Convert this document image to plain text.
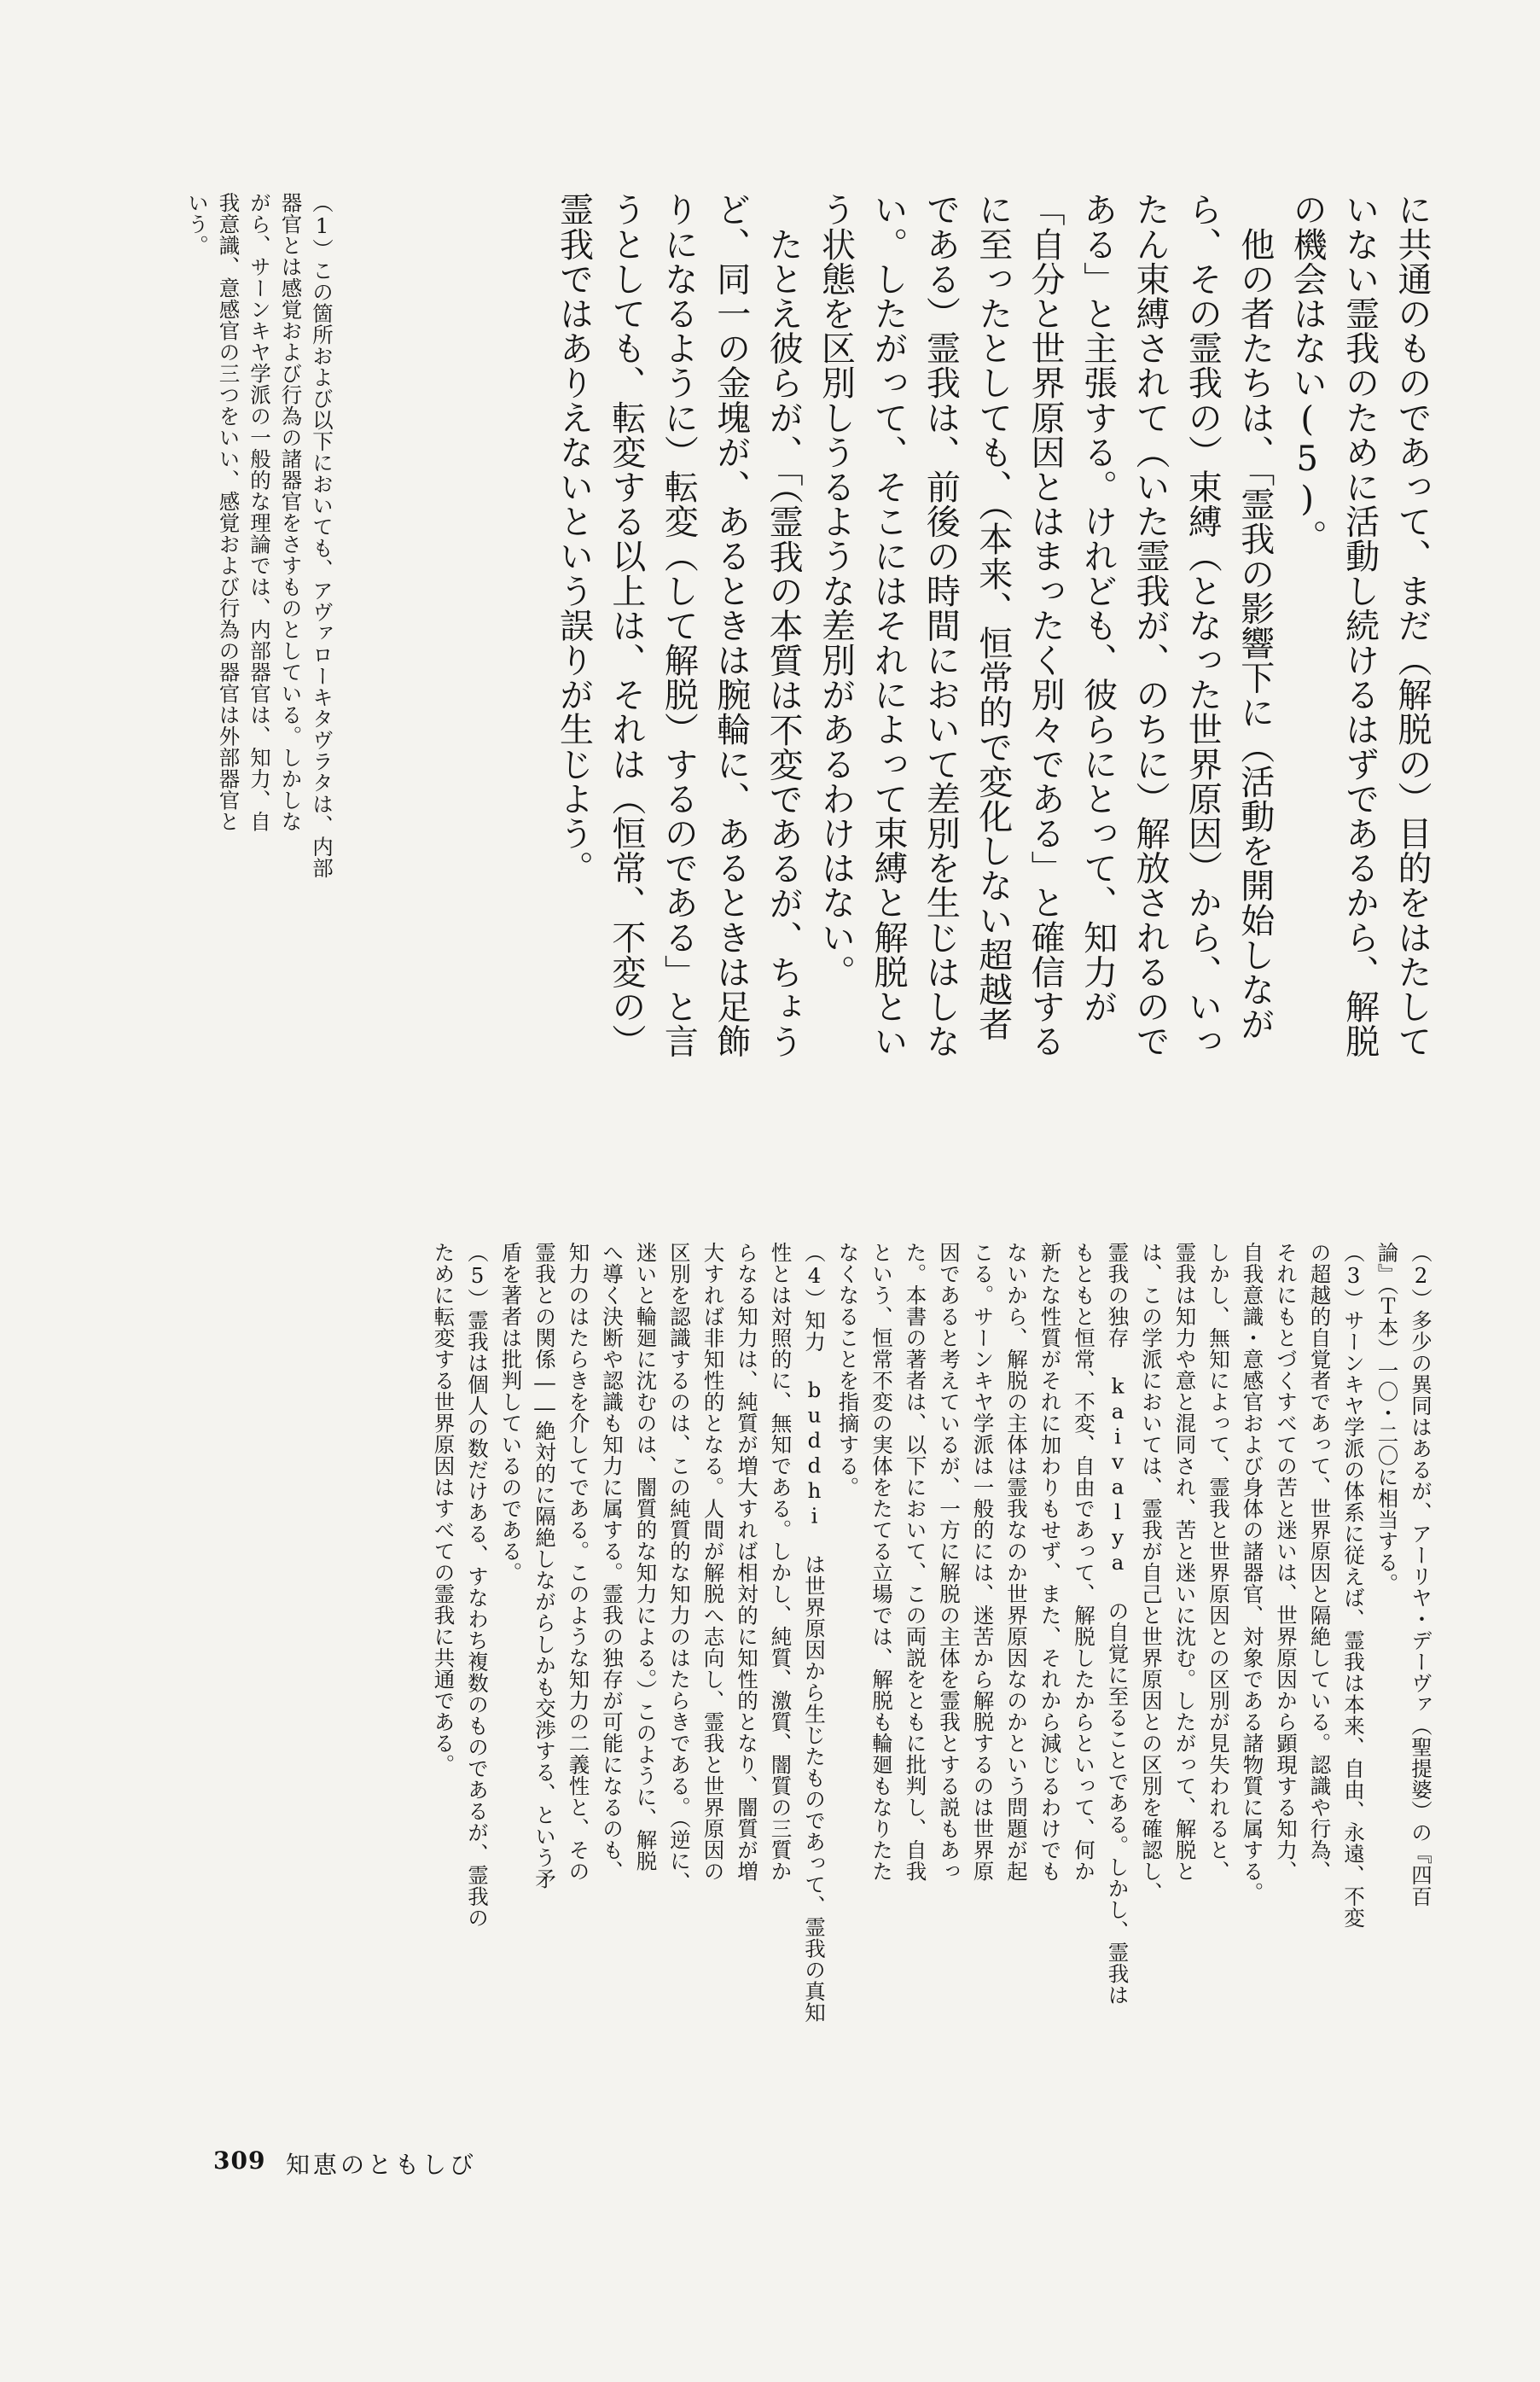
に共通のものであって、まだ（解脱の）目的をはたして

いない霊我のために活動し続けるはずであるから、解脱

の機会はない(5)。

　他の者たちは、「霊我の影響下に（活動を開始しなが

ら、その霊我の）束縛（となった世界原因）から、いっ

たん束縛されて（いた霊我が、のちに）解放されるので

ある」と主張する。けれども、彼らにとって、知力が

「自分と世界原因とはまったく別々である」と確信する

に至ったとしても、（本来、恒常的で変化しない超越者

である）霊我は、前後の時間において差別を生じはしな

い。したがって、そこにはそれによって束縛と解脱とい

う状態を区別しうるような差別があるわけはない。

　たとえ彼らが、「（霊我の本質は不変であるが、ちょう

ど、同一の金塊が、あるときは腕輪に、あるときは足飾

りになるように）転変（して解脱）するのである」と言

うとしても、転変する以上は、それは（恒常、不変の）

霊我ではありえないという誤りが生じよう。

（1）この箇所および以下においても、アヴァローキタヴラタは、内部

器官とは感覚および行為の諸器官をさすものとしている。しかしな

がら、サーンキヤ学派の一般的な理論では、内部器官は、知力、自

我意識、意感官の三つをいい、感覚および行為の器官は外部器官と

いう。

（2）多少の異同はあるが、アーリヤ・デーヴァ（聖提婆）の『四百

論』（Ｔ本）一〇・二〇に相当する。

（3）サーンキヤ学派の体系に従えば、霊我は本来、自由、永遠、不変

の超越的自覚者であって、世界原因と隔絶している。認識や行為、

それにもとづくすべての苦と迷いは、世界原因から顕現する知力、

自我意識・意感官および身体の諸器官、対象である諸物質に属する。

しかし、無知によって、霊我と世界原因との区別が見失われると、

霊我は知力や意と混同され、苦と迷いに沈む。したがって、解脱と

は、この学派においては、霊我が自己と世界原因との区別を確認し、

霊我の独存 kaivalya の自覚に至ることである。しかし、霊我は

もともと恒常、不変、自由であって、解脱したからといって、何か

新たな性質がそれに加わりもせず、また、それから減じるわけでも

ないから、解脱の主体は霊我なのか世界原因なのかという問題が起

こる。サーンキヤ学派は一般的には、迷苦から解脱するのは世界原

因であると考えているが、一方に解脱の主体を霊我とする説もあっ

た。本書の著者は、以下において、この両説をともに批判し、自我

という、恒常不変の実体をたてる立場では、解脱も輪廻もなりたた

なくなることを指摘する。

（4）知力 buddhi は世界原因から生じたものであって、霊我の真知

性とは対照的に、無知である。しかし、純質、激質、闇質の三質か

らなる知力は、純質が増大すれば相対的に知性的となり、闇質が増

大すれば非知性的となる。人間が解脱へ志向し、霊我と世界原因の

区別を認識するのは、この純質的な知力のはたらきである。（逆に、

迷いと輪廻に沈むのは、闇質的な知力による。）このように、解脱

へ導く決断や認識も知力に属する。霊我の独存が可能になるのも、

知力のはたらきを介してである。このような知力の二義性と、その

霊我との関係――絶対的に隔絶しながらしかも交渉する、という矛

盾を著者は批判しているのである。

（5）霊我は個人の数だけある、すなわち複数のものであるが、霊我の

ために転変する世界原因はすべての霊我に共通である。

309 知恵のともしび
